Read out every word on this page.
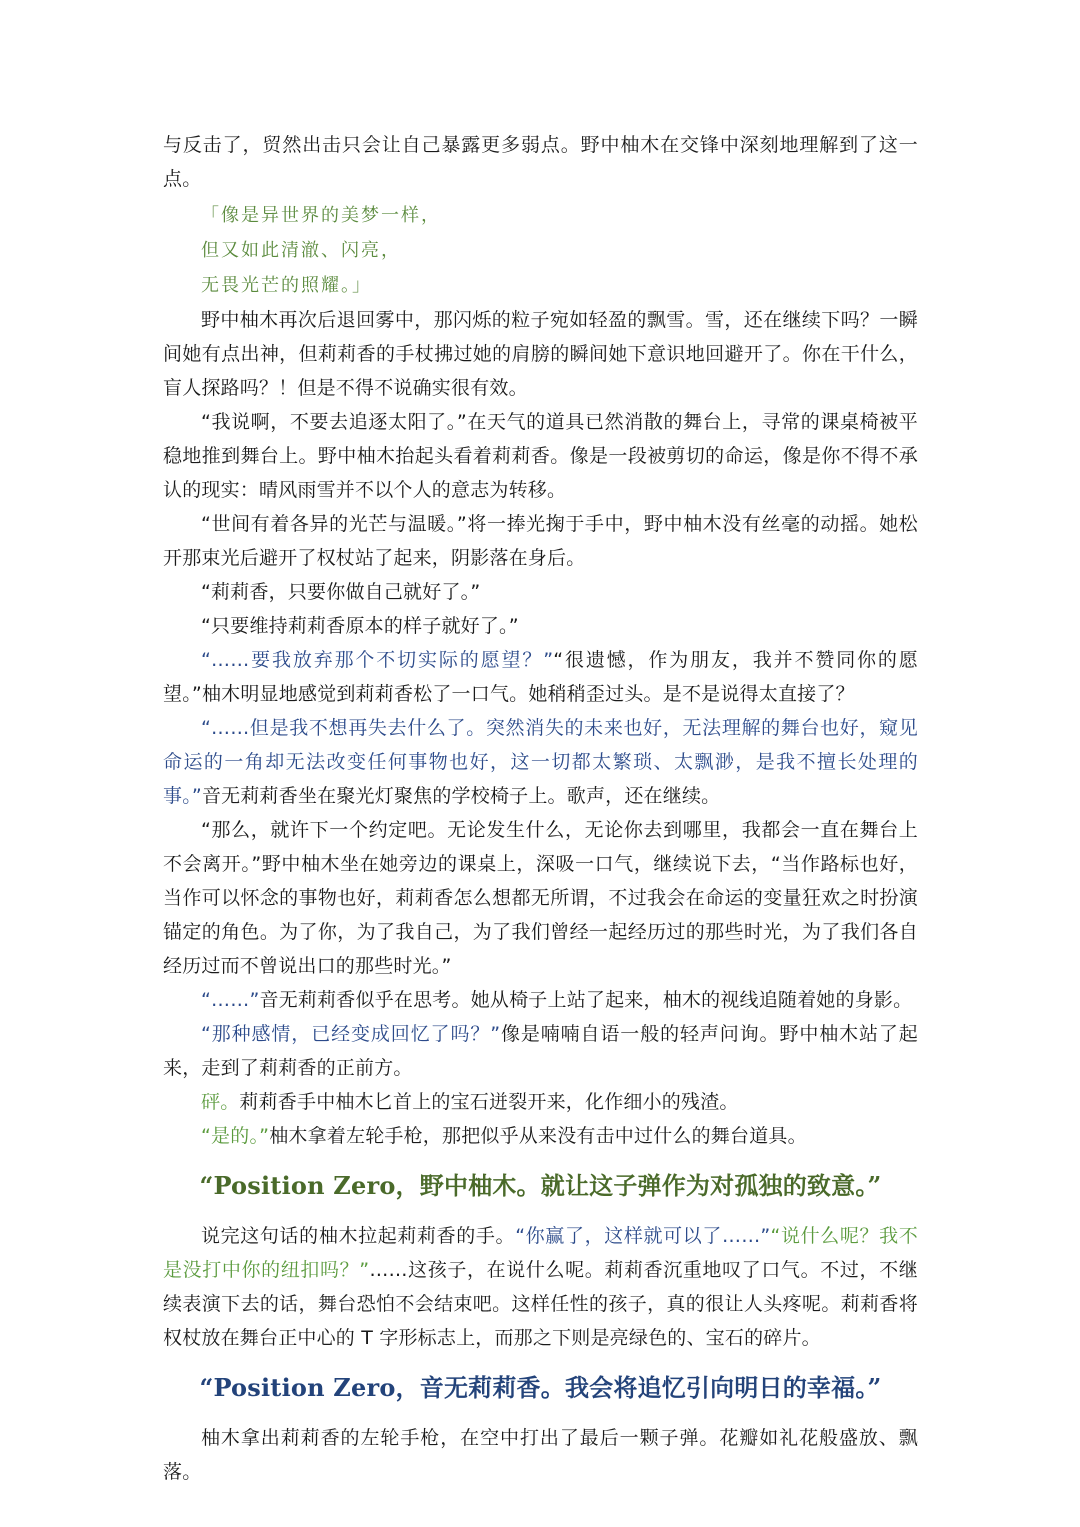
与反击了，贸然出击只会让自己暴露更多弱点。野中柚木在交锋中深刻地理解到了这一点。

「像是异世界的美梦一样，

但又如此清澈、闪亮，

无畏光芒的照耀。」

野中柚木再次后退回雾中，那闪烁的粒子宛如轻盈的飘雪。雪，还在继续下吗？一瞬间她有点出神，但莉莉香的手杖拂过她的肩膀的瞬间她下意识地回避开了。你在干什么，盲人探路吗？！但是不得不说确实很有效。

“我说啊，不要去追逐太阳了。”在天气的道具已然消散的舞台上，寻常的课桌椅被平稳地推到舞台上。野中柚木抬起头看着莉莉香。像是一段被剪切的命运，像是你不得不承认的现实：晴风雨雪并不以个人的意志为转移。

“世间有着各异的光芒与温暖。”将一捧光掬于手中，野中柚木没有丝毫的动摇。她松开那束光后避开了权杖站了起来，阴影落在身后。

“莉莉香，只要你做自己就好了。”

“只要维持莉莉香原本的样子就好了。”

“……要我放弃那个不切实际的愿望？”“很遗憾，作为朋友，我并不赞同你的愿望。”柚木明显地感觉到莉莉香松了一口气。她稍稍歪过头。是不是说得太直接了？

“……但是我不想再失去什么了。突然消失的未来也好，无法理解的舞台也好，窥见命运的一角却无法改变任何事物也好，这一切都太繁琐、太飘渺，是我不擅长处理的事。”音无莉莉香坐在聚光灯聚焦的学校椅子上。歌声，还在继续。

“那么，就许下一个约定吧。无论发生什么，无论你去到哪里，我都会一直在舞台上不会离开。”野中柚木坐在她旁边的课桌上，深吸一口气，继续说下去，“当作路标也好，当作可以怀念的事物也好，莉莉香怎么想都无所谓，不过我会在命运的变量狂欢之时扮演锚定的角色。为了你，为了我自己，为了我们曾经一起经历过的那些时光，为了我们各自经历过而不曾说出口的那些时光。”

“……”音无莉莉香似乎在思考。她从椅子上站了起来，柚木的视线追随着她的身影。

“那种感情，已经变成回忆了吗？”像是喃喃自语一般的轻声问询。野中柚木站了起来，走到了莉莉香的正前方。

砰。莉莉香手中柚木匕首上的宝石迸裂开来，化作细小的残渣。

“是的。”柚木拿着左轮手枪，那把似乎从来没有击中过什么的舞台道具。

“Position Zero，野中柚木。就让这子弹作为对孤独的致意。”

说完这句话的柚木拉起莉莉香的手。“你赢了，这样就可以了……”“说什么呢？我不是没打中你的纽扣吗？”……这孩子，在说什么呢。莉莉香沉重地叹了口气。不过，不继续表演下去的话，舞台恐怕不会结束吧。这样任性的孩子，真的很让人头疼呢。莉莉香将权杖放在舞台正中心的 T 字形标志上，而那之下则是亮绿色的、宝石的碎片。

“Position Zero，音无莉莉香。我会将追忆引向明日的幸福。”

柚木拿出莉莉香的左轮手枪，在空中打出了最后一颗子弹。花瓣如礼花般盛放、飘落。
